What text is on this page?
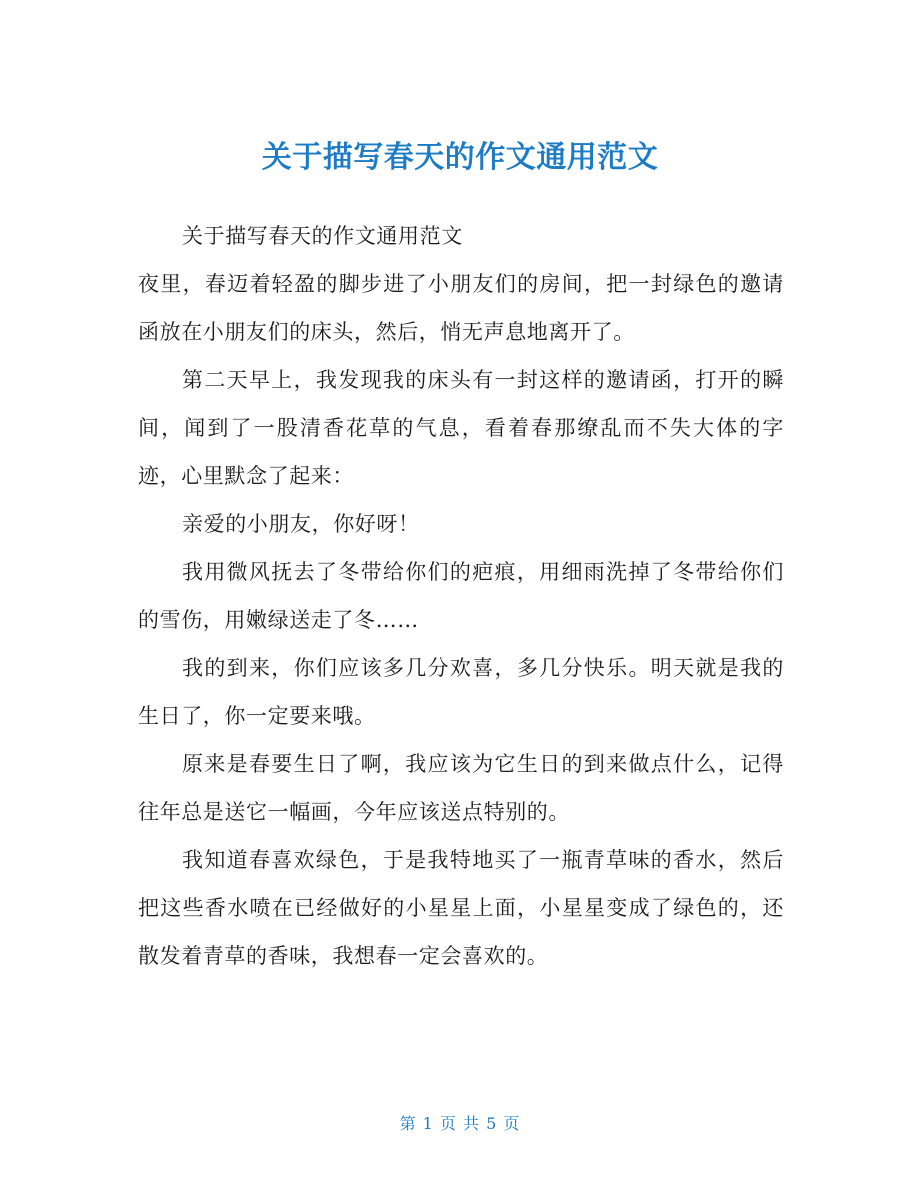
关于描写春天的作文通用范文

关于描写春天的作文通用范文

夜里，春迈着轻盈的脚步进了小朋友们的房间，把一封绿色的邀请函放在小朋友们的床头，然后，悄无声息地离开了。

第二天早上，我发现我的床头有一封这样的邀请函，打开的瞬间，闻到了一股清香花草的气息，看着春那缭乱而不失大体的字迹，心里默念了起来：

亲爱的小朋友，你好呀！

我用微风抚去了冬带给你们的疤痕，用细雨洗掉了冬带给你们的雪伤，用嫩绿送走了冬……

我的到来，你们应该多几分欢喜，多几分快乐。明天就是我的生日了，你一定要来哦。

原来是春要生日了啊，我应该为它生日的到来做点什么，记得往年总是送它一幅画，今年应该送点特别的。

我知道春喜欢绿色，于是我特地买了一瓶青草味的香水，然后把这些香水喷在已经做好的小星星上面，小星星变成了绿色的，还散发着青草的香味，我想春一定会喜欢的。

第 1 页 共 5 页
